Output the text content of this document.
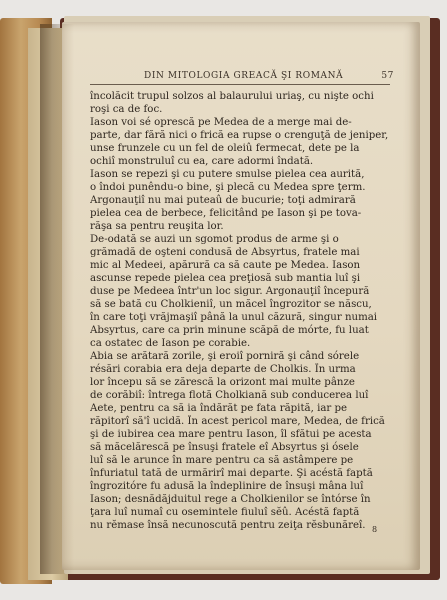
DIN MITOLOGIA GREACĂ ŞI ROMANĂ	57
încolăcit trupul solzos al balaurului uriaş, cu nişte ochi
roşi ca de foc.
Iason voi sé oprescă pe Medea de a merge mai de-
parte, dar fără nici o frică ea rupse o crenguţă de jeniper,
unse frunzele cu un fel de oleiû fermecat, dete pe la
ochiî monstruluî cu ea, care adormi îndată.
Iason se repezi şi cu putere smulse pielea cea aurită,
o îndoi punêndu-o bine, şi plecă cu Medea spre ţerm.
Argonauţiî nu mai puteaû de bucurie; toţi admirară
pielea cea de berbece, felicitând pe Iason şi pe tova-
răşa sa pentru reuşita lor.
De-odată se auzi un sgomot produs de arme şi o
grămadă de oşteni condusă de Absyrtus, fratele mai
mic al Medeei, apărură ca să caute pe Medea. Iason
ascunse repede pielea cea preţiosă sub mantia luî şi
duse pe Medeea într'un loc sigur. Argonauţiî începură
să se bată cu Cholkieniî, un măcel îngrozitor se născu,
în care toţi vrăjmaşiî până la unul căzură, singur numai
Absyrtus, care ca prin minune scăpă de mórte, fu luat
ca ostatec de Iason pe corabie.
Abia se arătară zorile, şi eroiî porniră şi când sórele
résări corabia era deja departe de Cholkis. În urma
lor începu să se zărescă la orizont mai multe pânze
de corăbiî: întrega flotă Cholkiană sub conducerea luî
Aete, pentru ca să ia îndărăt pe fata răpită, iar pe
răpitorî să'î ucidă. În acest pericol mare, Medea, de frică
şi de iubirea cea mare pentru Iason, îl sfătui pe acesta
să măcelărescă pe însuşi fratele eî Absyrtus şi ósele
luî să le arunce în mare pentru ca să astâmpere pe
înfuriatul tată de urmărirî mai departe. Şi acéstă faptă
îngrozitóre fu adusă la îndeplinire de însuşi mâna luî
Iason; desnădăjduitul rege a Cholkienilor se întórse în
ţara luî numaî cu osemintele fiuluî sĕû. Acéstă faptă
nu rĕmase însă necunoscută pentru zeiţa rĕsbunăreî. 8
